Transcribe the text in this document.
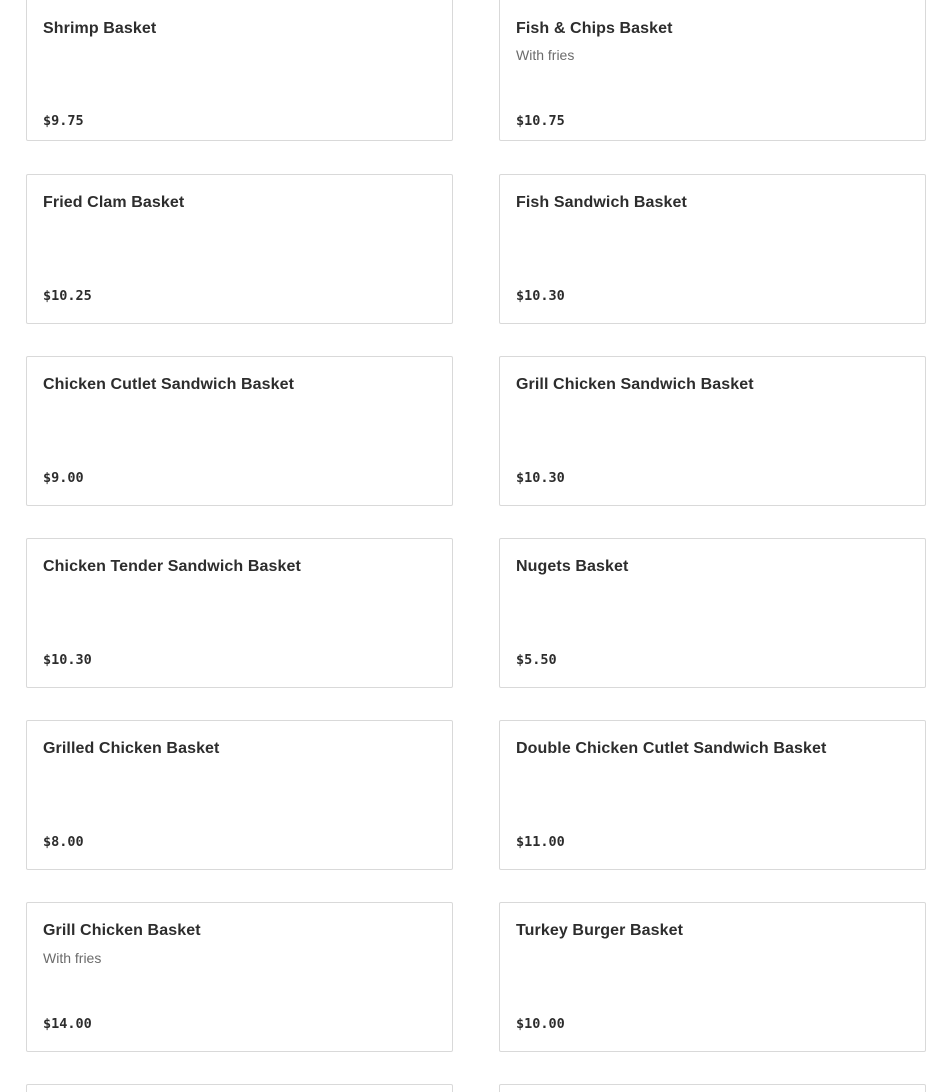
Shrimp Basket
$9.75
Fish & Chips Basket
With fries
$10.75
Fried Clam Basket
$10.25
Fish Sandwich Basket
$10.30
Chicken Cutlet Sandwich Basket
$9.00
Grill Chicken Sandwich Basket
$10.30
Chicken Tender Sandwich Basket
$10.30
Nugets Basket
$5.50
Grilled Chicken Basket
$8.00
Double Chicken Cutlet Sandwich Basket
$11.00
Grill Chicken Basket
With fries
$14.00
Turkey Burger Basket
$10.00
